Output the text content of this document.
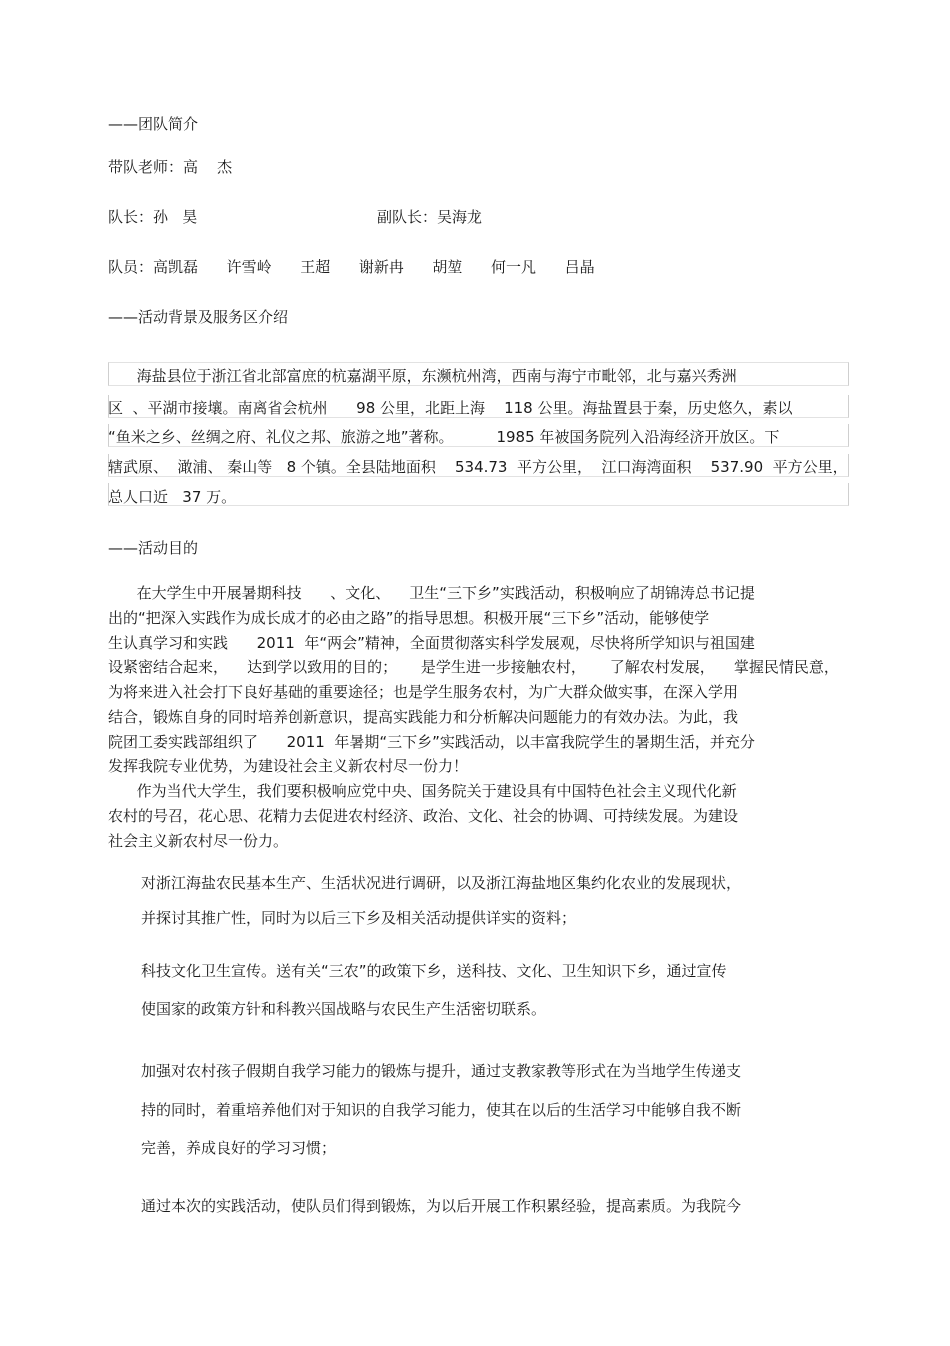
——团队简介
带队老师：高    杰
队长：孙   昊	副队长：吴海龙
队员：高凯磊      许雪岭      王超      谢新冉      胡堃      何一凡      吕晶
——活动背景及服务区介绍
海盐县位于浙江省北部富庶的杭嘉湖平原，东濒杭州湾，西南与海宁市毗邻，北与嘉兴秀洲
区  、平湖市接壤。南离省会杭州      98 公里，北距上海    118 公里。海盐置县于秦，历史悠久，素以
“鱼米之乡、丝绸之府、礼仪之邦、旅游之地”著称。         1985 年被国务院列入沿海经济开放区。下
辖武原、  澉浦、 秦山等   8 个镇。全县陆地面积    534.73  平方公里，  江口海湾面积    537.90  平方公里，
总人口近   37 万。
——活动目的
在大学生中开展暑期科技      、文化、    卫生“三下乡”实践活动，积极响应了胡锦涛总书记提
出的“把深入实践作为成长成才的必由之路”的指导思想。积极开展“三下乡”活动，能够使学
生认真学习和实践      2011  年“两会”精神，全面贯彻落实科学发展观，尽快将所学知识与祖国建
设紧密结合起来，    达到学以致用的目的；     是学生进一步接触农村，     了解农村发展，    掌握民情民意，
为将来进入社会打下良好基础的重要途径；也是学生服务农村，为广大群众做实事，在深入学用
结合，锻炼自身的同时培养创新意识，提高实践能力和分析解决问题能力的有效办法。为此，我
院团工委实践部组织了      2011  年暑期“三下乡”实践活动，以丰富我院学生的暑期生活，并充分
发挥我院专业优势，为建设社会主义新农村尽一份力！
作为当代大学生，我们要积极响应党中央、国务院关于建设具有中国特色社会主义现代化新
农村的号召，花心思、花精力去促进农村经济、政治、文化、社会的协调、可持续发展。为建设
社会主义新农村尽一份力。
对浙江海盐农民基本生产、生活状况进行调研，以及浙江海盐地区集约化农业的发展现状，
并探讨其推广性，同时为以后三下乡及相关活动提供详实的资料；
科技文化卫生宣传。送有关“三农”的政策下乡，送科技、文化、卫生知识下乡，通过宣传
使国家的政策方针和科教兴国战略与农民生产生活密切联系。
加强对农村孩子假期自我学习能力的锻炼与提升，通过支教家教等形式在为当地学生传递支
持的同时，着重培养他们对于知识的自我学习能力，使其在以后的生活学习中能够自我不断
完善，养成良好的学习习惯；
通过本次的实践活动，使队员们得到锻炼，为以后开展工作积累经验，提高素质。为我院今
